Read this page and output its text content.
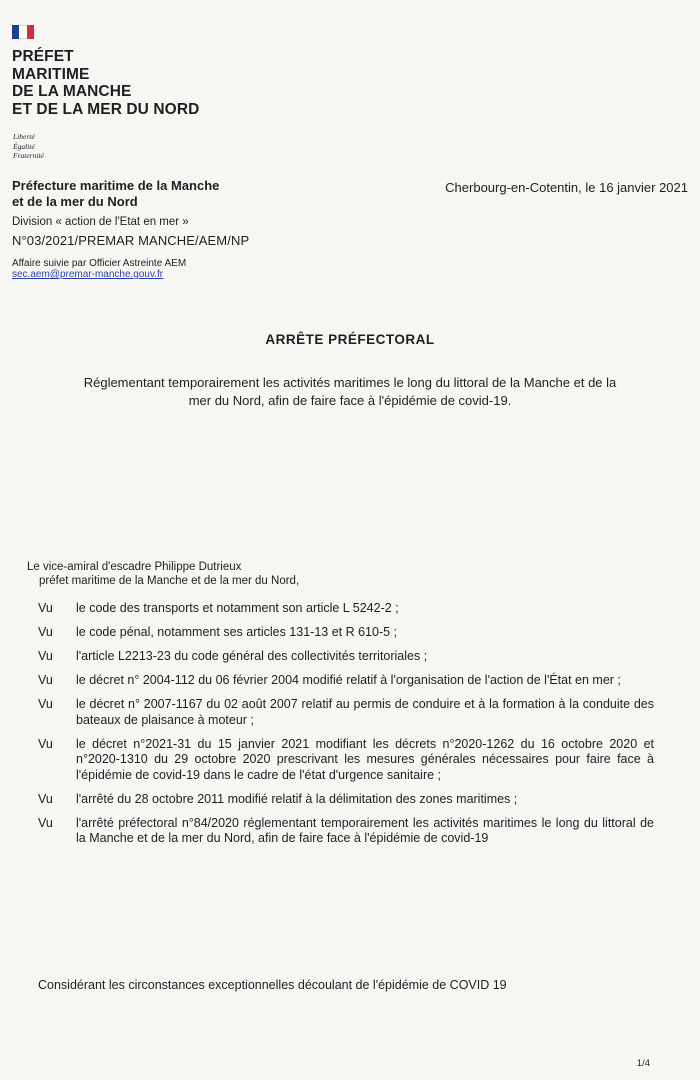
PRÉFET
MARITIME
DE LA MANCHE
ET DE LA MER DU NORD
Liberté
Égalité
Fraternité
Préfecture maritime de la Manche
et de la mer du Nord
Division « action de l'Etat en mer »
N°03/2021/PREMAR MANCHE/AEM/NP
Affaire suivie par Officier Astreinte AEM
sec.aem@premar-manche.gouv.fr
Cherbourg-en-Cotentin, le 16 janvier 2021
ARRÊTE PRÉFECTORAL
Réglementant temporairement les activités maritimes le long du littoral de la Manche et de la
mer du Nord, afin de faire face à l'épidémie de covid-19.
Le vice-amiral d'escadre Philippe Dutrieux
préfet maritime de la Manche et de la mer du Nord,
Vu	le code des transports et notamment son article L 5242-2 ;
Vu	le code pénal, notamment ses articles 131-13 et R 610-5 ;
Vu	l'article L2213-23 du code général des collectivités territoriales ;
Vu	le décret n° 2004-112 du 06 février 2004 modifié relatif à l'organisation de l'action de l'État en mer ;
Vu	le décret n° 2007-1167 du 02 août 2007 relatif au permis de conduire et à la formation à la conduite des bateaux de plaisance à moteur ;
Vu	le décret n°2021-31 du 15 janvier 2021 modifiant les décrets n°2020-1262 du 16 octobre 2020 et n°2020-1310 du 29 octobre 2020 prescrivant les mesures générales nécessaires pour faire face à l'épidémie de covid-19 dans le cadre de l'état d'urgence sanitaire ;
Vu	l'arrêté du 28 octobre 2011 modifié relatif à la délimitation des zones maritimes ;
Vu	l'arrêté préfectoral n°84/2020 réglementant temporairement les activités maritimes le long du littoral de la Manche et de la mer du Nord, afin de faire face à l'épidémie de covid-19
Considérant les circonstances exceptionnelles découlant de l'épidémie de COVID 19
1/4
